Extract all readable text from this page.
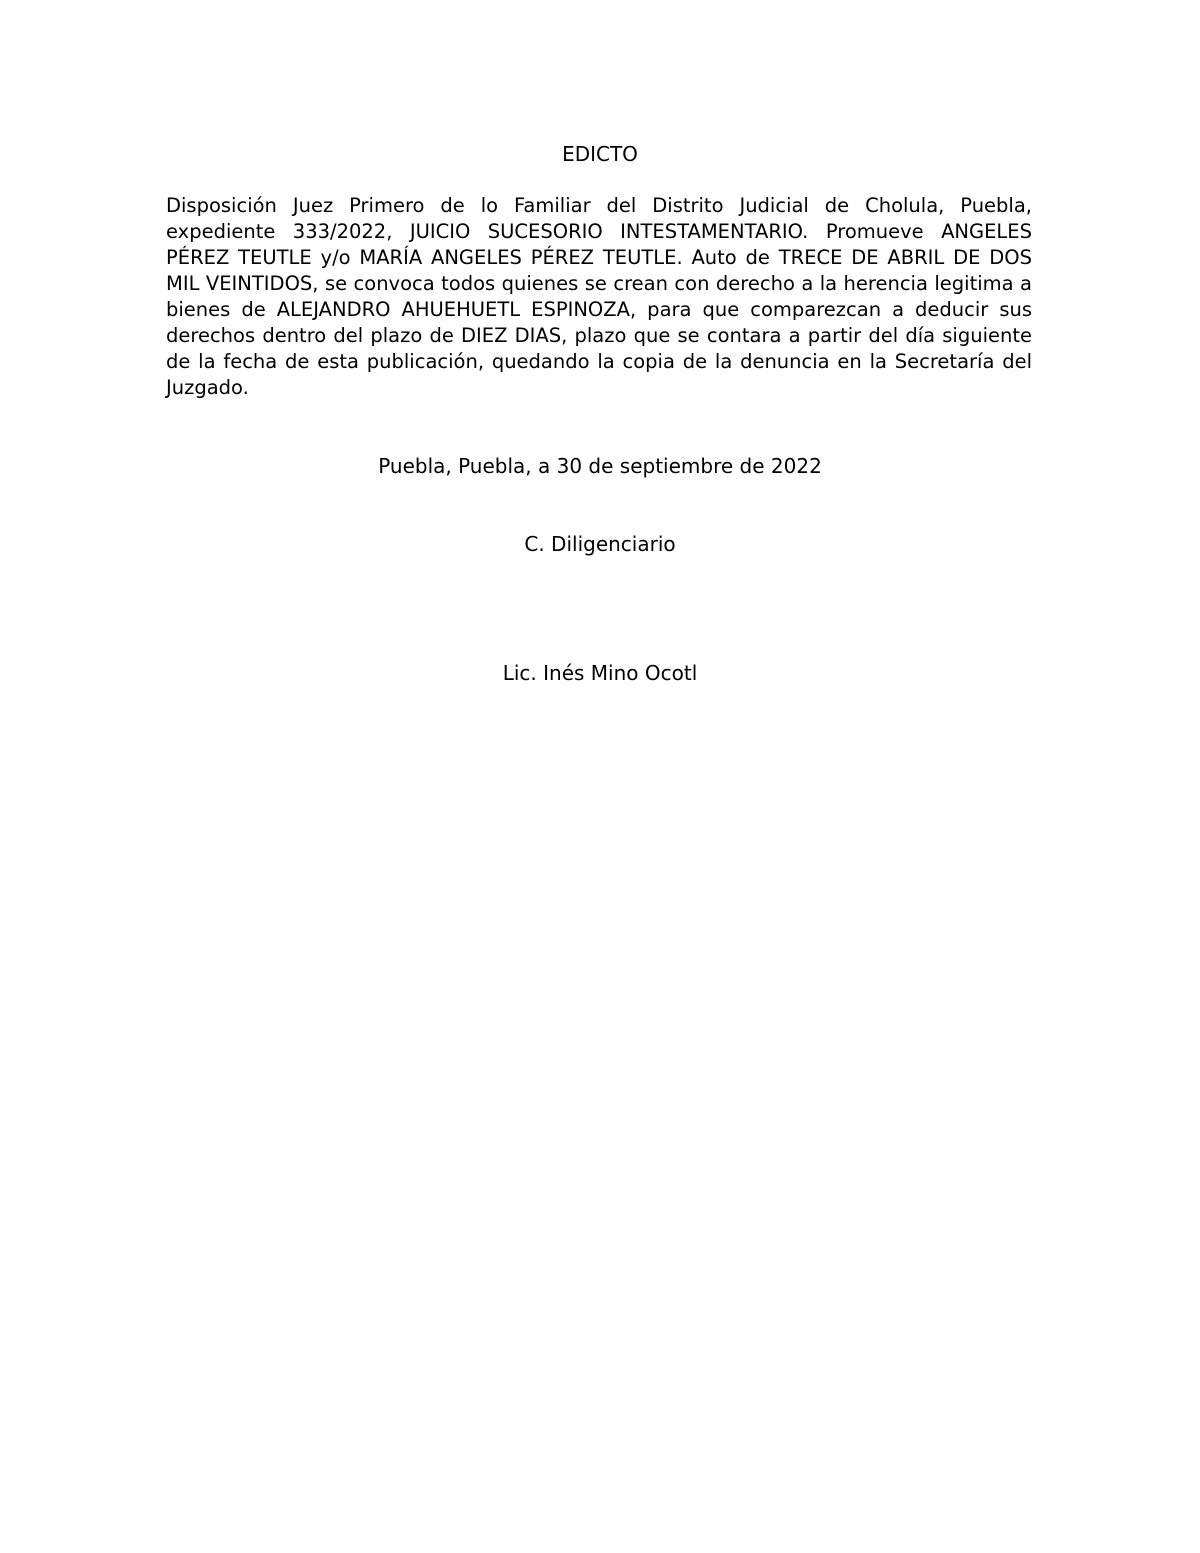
EDICTO

Disposición Juez Primero de lo Familiar del Distrito Judicial de Cholula, Puebla, expediente 333/2022, JUICIO SUCESORIO INTESTAMENTARIO. Promueve ANGELES PÉREZ TEUTLE y/o MARÍA ANGELES PÉREZ TEUTLE. Auto de TRECE DE ABRIL DE DOS MIL VEINTIDOS, se convoca todos quienes se crean con derecho a la herencia legitima a bienes de ALEJANDRO AHUEHUETL ESPINOZA, para que comparezcan a deducir sus derechos dentro del plazo de DIEZ DIAS, plazo que se contara a partir del día siguiente de la fecha de esta publicación, quedando la copia de la denuncia en la Secretaría del Juzgado.

Puebla, Puebla, a 30 de septiembre de 2022
C. Diligenciario
Lic. Inés Mino Ocotl
